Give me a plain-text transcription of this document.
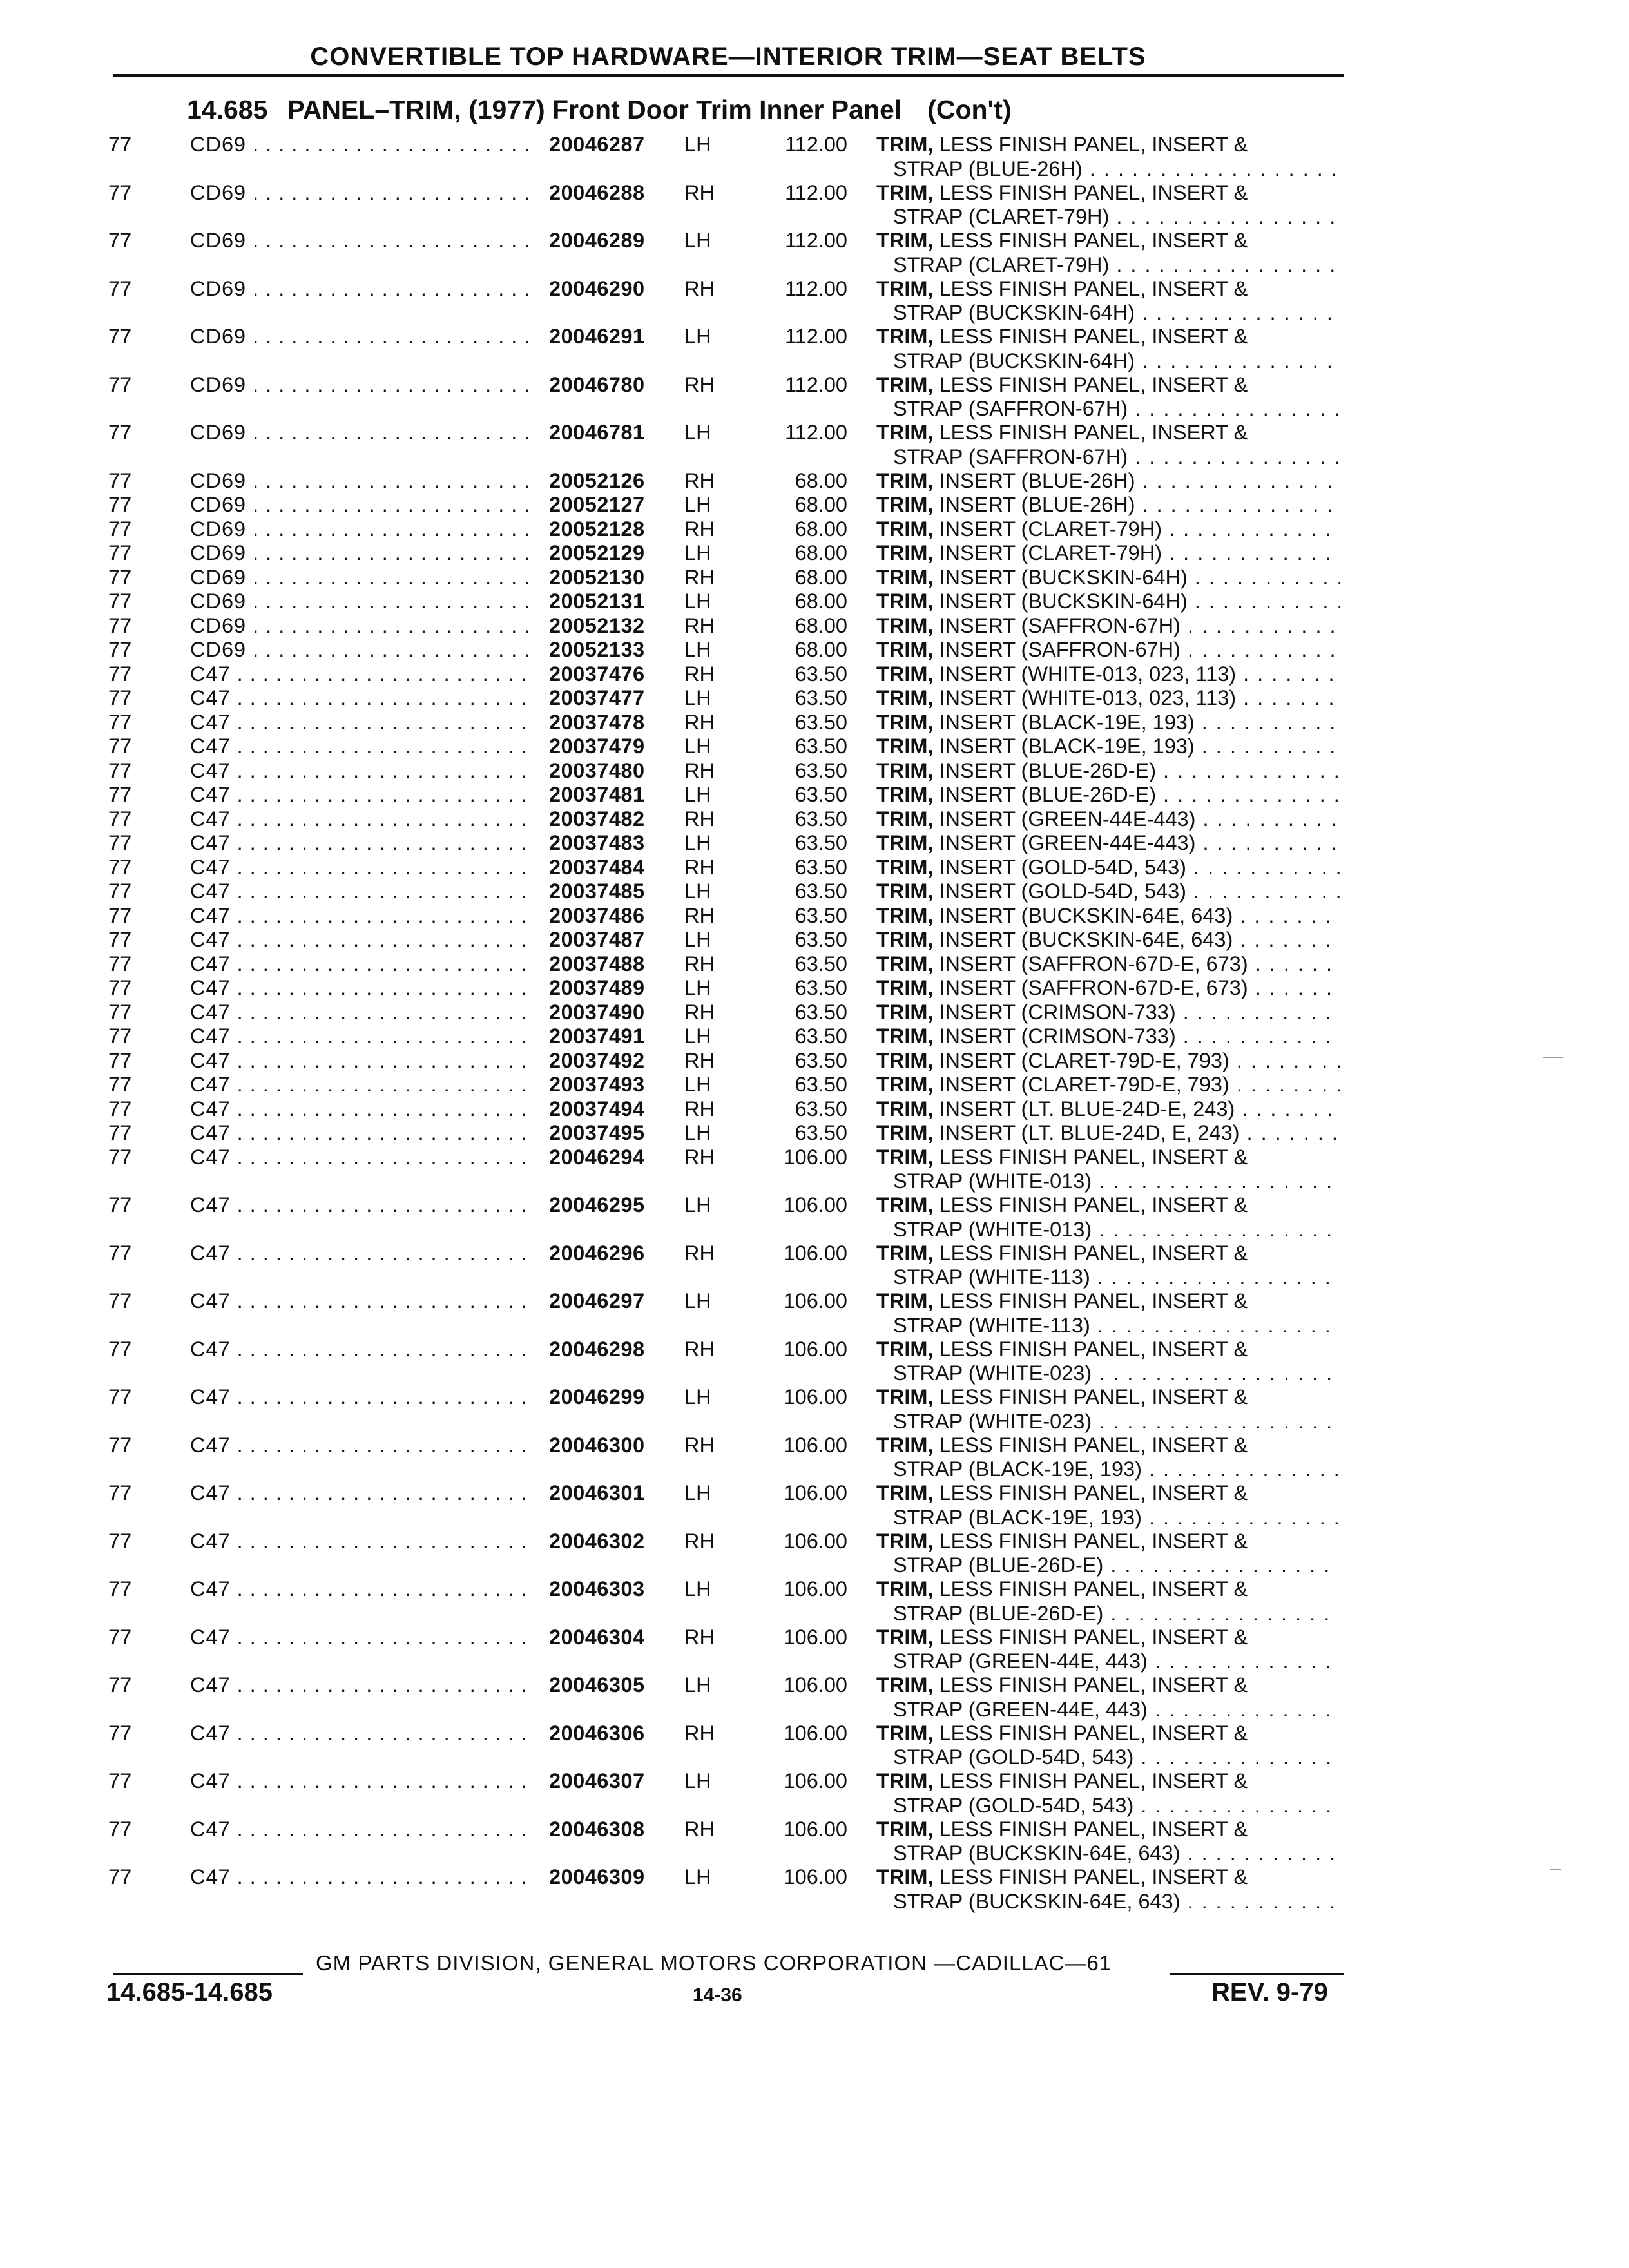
CONVERTIBLE TOP HARDWARE—INTERIOR TRIM—SEAT BELTS
14.685 PANEL–TRIM, (1977) Front Door Trim Inner Panel (Con't)
77	CD69 . . .	20046287 LH	112.00 TRIM, LESS FINISH PANEL, INSERT &
STRAP (BLUE-26H) . . .
77	CD69 . . .	20046288 RH	112.00 TRIM, LESS FINISH PANEL, INSERT &
STRAP (CLARET-79H) . . .
77	CD69 . . .	20046289 LH	112.00 TRIM, LESS FINISH PANEL, INSERT &
STRAP (CLARET-79H) . . .
77	CD69 . . .	20046290 RH	112.00 TRIM, LESS FINISH PANEL, INSERT &
STRAP (BUCKSKIN-64H) . . .
77	CD69 . . .	20046291 LH	112.00 TRIM, LESS FINISH PANEL, INSERT &
STRAP (BUCKSKIN-64H) . . .
77	CD69 . . .	20046780 RH	112.00 TRIM, LESS FINISH PANEL, INSERT &
STRAP (SAFFRON-67H) . . .
77	CD69 . . .	20046781 LH	112.00 TRIM, LESS FINISH PANEL, INSERT &
STRAP (SAFFRON-67H) . . .
77	CD69 . . .	20052126 RH	68.00 TRIM, INSERT (BLUE-26H) . . .
77	CD69 . . .	20052127 LH	68.00 TRIM, INSERT (BLUE-26H) . . .
77	CD69 . . .	20052128 RH	68.00 TRIM, INSERT (CLARET-79H) . . .
77	CD69 . . .	20052129 LH	68.00 TRIM, INSERT (CLARET-79H) . . .
77	CD69 . . .	20052130 RH	68.00 TRIM, INSERT (BUCKSKIN-64H) . . .
77	CD69 . . .	20052131 LH	68.00 TRIM, INSERT (BUCKSKIN-64H) . . .
77	CD69 . . .	20052132 RH	68.00 TRIM, INSERT (SAFFRON-67H) . . .
77	CD69 . . .	20052133 LH	68.00 TRIM, INSERT (SAFFRON-67H) . . .
77	C47 . . .	20037476 RH	63.50 TRIM, INSERT (WHITE-013, 023, 113) . . .
77	C47 . . .	20037477 LH	63.50 TRIM, INSERT (WHITE-013, 023, 113) . . .
77	C47 . . .	20037478 RH	63.50 TRIM, INSERT (BLACK-19E, 193) . . .
77	C47 . . .	20037479 LH	63.50 TRIM, INSERT (BLACK-19E, 193) . . .
77	C47 . . .	20037480 RH	63.50 TRIM, INSERT (BLUE-26D-E) . . .
77	C47 . . .	20037481 LH	63.50 TRIM, INSERT (BLUE-26D-E) . . .
77	C47 . . .	20037482 RH	63.50 TRIM, INSERT (GREEN-44E-443) . . .
77	C47 . . .	20037483 LH	63.50 TRIM, INSERT (GREEN-44E-443) . . .
77	C47 . . .	20037484 RH	63.50 TRIM, INSERT (GOLD-54D, 543) . . .
77	C47 . . .	20037485 LH	63.50 TRIM, INSERT (GOLD-54D, 543) . . .
77	C47 . . .	20037486 RH	63.50 TRIM, INSERT (BUCKSKIN-64E, 643) . . .
77	C47 . . .	20037487 LH	63.50 TRIM, INSERT (BUCKSKIN-64E, 643) . . .
77	C47 . . .	20037488 RH	63.50 TRIM, INSERT (SAFFRON-67D-E, 673) . . .
77	C47 . . .	20037489 LH	63.50 TRIM, INSERT (SAFFRON-67D-E, 673) . . .
77	C47 . . .	20037490 RH	63.50 TRIM, INSERT (CRIMSON-733) . . .
77	C47 . . .	20037491 LH	63.50 TRIM, INSERT (CRIMSON-733) . . .
77	C47 . . .	20037492 RH	63.50 TRIM, INSERT (CLARET-79D-E, 793) . . .
77	C47 . . .	20037493 LH	63.50 TRIM, INSERT (CLARET-79D-E, 793) . . .
77	C47 . . .	20037494 RH	63.50 TRIM, INSERT (LT. BLUE-24D-E, 243) . . .
77	C47 . . .	20037495 LH	63.50 TRIM, INSERT (LT. BLUE-24D, E, 243) . . .
77	C47 . . .	20046294 RH	106.00 TRIM, LESS FINISH PANEL, INSERT &
STRAP (WHITE-013) . . .
77	C47 . . .	20046295 LH	106.00 TRIM, LESS FINISH PANEL, INSERT &
STRAP (WHITE-013) . . .
77	C47 . . .	20046296 RH	106.00 TRIM, LESS FINISH PANEL, INSERT &
STRAP (WHITE-113) . . .
77	C47 . . .	20046297 LH	106.00 TRIM, LESS FINISH PANEL, INSERT &
STRAP (WHITE-113) . . .
77	C47 . . .	20046298 RH	106.00 TRIM, LESS FINISH PANEL, INSERT &
STRAP (WHITE-023) . . .
77	C47 . . .	20046299 LH	106.00 TRIM, LESS FINISH PANEL, INSERT &
STRAP (WHITE-023) . . .
77	C47 . . .	20046300 RH	106.00 TRIM, LESS FINISH PANEL, INSERT &
STRAP (BLACK-19E, 193) . . .
77	C47 . . .	20046301 LH	106.00 TRIM, LESS FINISH PANEL, INSERT &
STRAP (BLACK-19E, 193) . . .
77	C47 . . .	20046302 RH	106.00 TRIM, LESS FINISH PANEL, INSERT &
STRAP (BLUE-26D-E) . . .
77	C47 . . .	20046303 LH	106.00 TRIM, LESS FINISH PANEL, INSERT &
STRAP (BLUE-26D-E) . . .
77	C47 . . .	20046304 RH	106.00 TRIM, LESS FINISH PANEL, INSERT &
STRAP (GREEN-44E, 443) . . .
77	C47 . . .	20046305 LH	106.00 TRIM, LESS FINISH PANEL, INSERT &
STRAP (GREEN-44E, 443) . . .
77	C47 . . .	20046306 RH	106.00 TRIM, LESS FINISH PANEL, INSERT &
STRAP (GOLD-54D, 543) . . .
77	C47 . . .	20046307 LH	106.00 TRIM, LESS FINISH PANEL, INSERT &
STRAP (GOLD-54D, 543) . . .
77	C47 . . .	20046308 RH	106.00 TRIM, LESS FINISH PANEL, INSERT &
STRAP (BUCKSKIN-64E, 643) . . .
77	C47 . . .	20046309 LH	106.00 TRIM, LESS FINISH PANEL, INSERT &
STRAP (BUCKSKIN-64E, 643) . . .
GM PARTS DIVISION, GENERAL MOTORS CORPORATION —CADILLAC—61
14.685-14.685	14-36	REV. 9-79
